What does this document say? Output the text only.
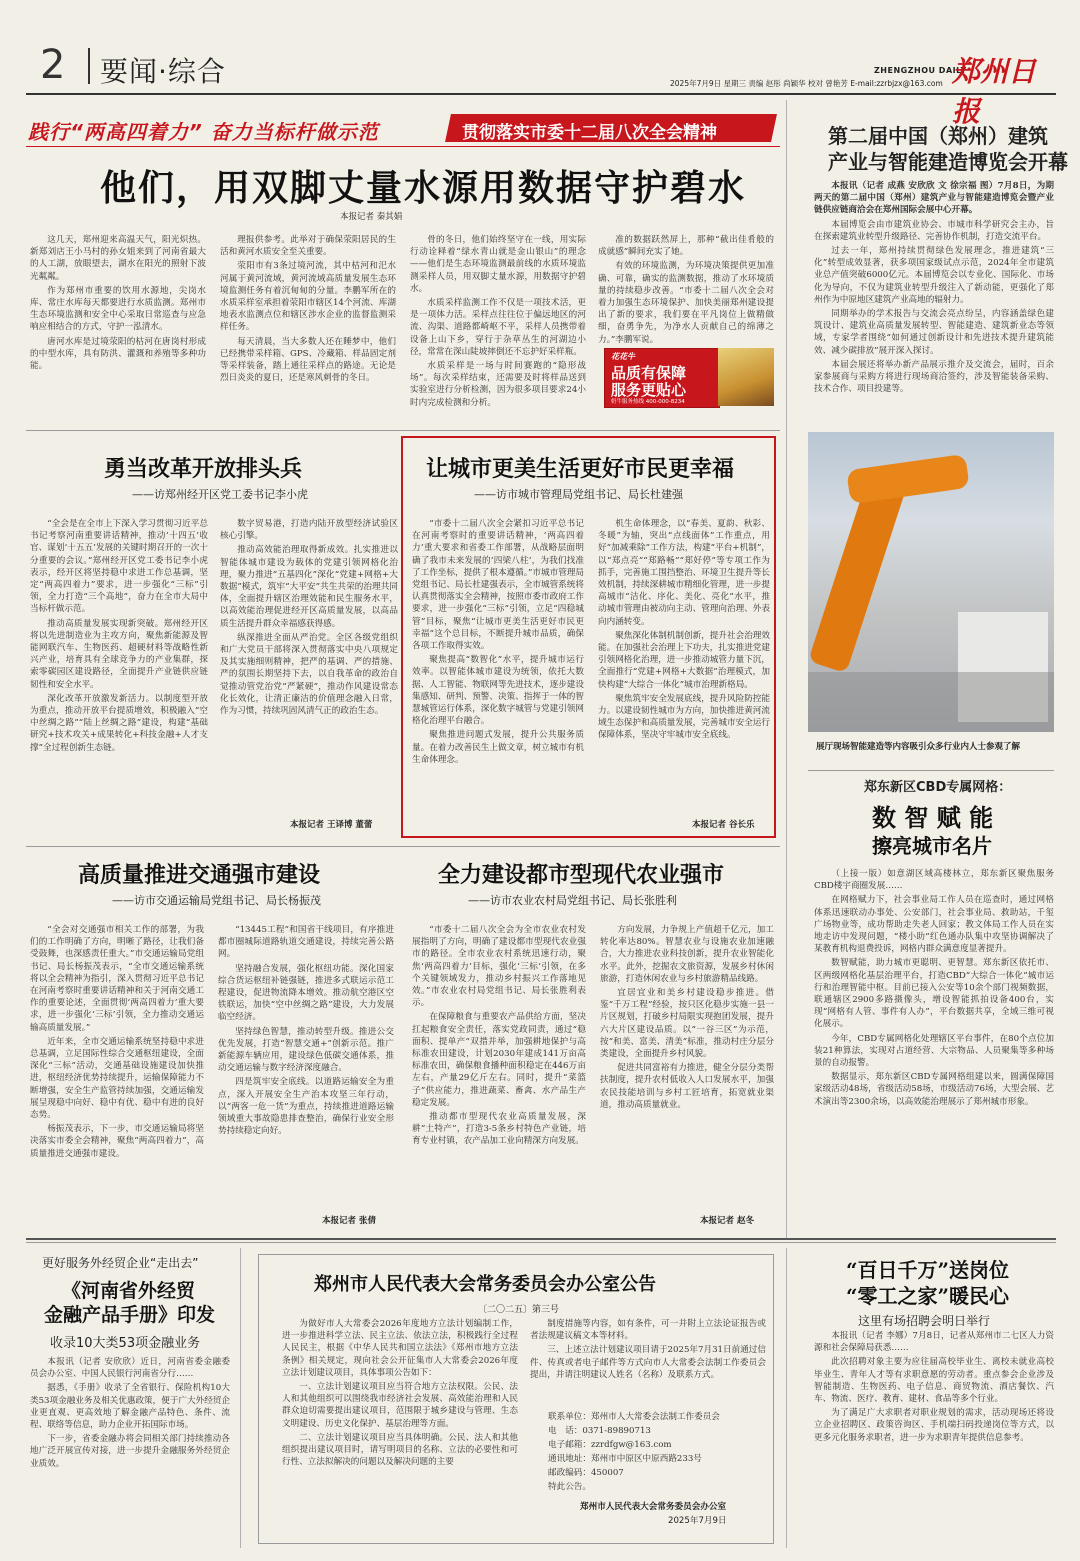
2 要闻·综合	ZHENGZHOU DAILY
郑州日报
2025年7月9日 星期三 责编 赵彤 尚颖华 校对 曾艳芳 E-mail:zzrbjzx@163.com
践行“两高四着力” 奋力当标杆做示范	贯彻落实市委十二届八次全会精神
他们，用双脚丈量水源用数据守护碧水
本报记者 秦其娟

这几天，郑州迎来高温天气，阳光炽热。新郑刘店王小马村的孙女姐来到了河南省最大的人工湖，放眼望去，湖水在阳光的照射下波光粼粼。

作为郑州市重要的饮用水源地，尖岗水库、常庄水库每天都要进行水质监测。郑州市生态环境监测和安全中心采取日常巡查与应急响应相结合的方式，守护一泓清水。

唐河水库是过境荥阳的枯河在唐岗村形成的中型水库，具有防洪、灌溉和养殖等多种功能。

理报供参考。此举对于确保荥阳居民的生活和黄河水质安全至关重要。

荥阳市有3条过境河流，其中枯河和汜水河属于黄河流域，黄河流域高质量发展生态环境监测任务有着沉甸甸的分量。李鹏军所在的水质采样室承担着荥阳市辖区14个河流、库湖地表水监测点位和辖区涉水企业的监督监测采样任务。

每天清晨，当大多数人还在睡梦中，他们已经携带采样箱、GPS、冷藏箱、样品固定剂等采样装备，踏上通往采样点的路途。无论是烈日炎炎的夏日，还是寒风刺骨的冬日。

骨的冬日，他们始终坚守在一线，用实际行动诠释着“绿水青山就是金山银山”的理念——他们是生态环境监测最前线的水质环境监测采样人员，用双脚丈量水源，用数据守护碧水。

水质采样监测工作不仅是一项技术活，更是一项体力活。采样点往往位于偏远地区的河流、沟渠、道路都崎岖不平，采样人员携带着设备上山下乡，穿行于杂草丛生的河湖边小径，常常在深山陡坡摔倒还不忘护好采样瓶。

水质采样是一场与时间赛跑的“隐形战场”。每次采样结束，还需要及时将样品送到实验室进行分析检测，因为很多项目要求24小时内完成检测和分析。

准的数据跃然屏上，那种“截出佳肴般的成就感”瞬间充实了她。

有效的环境监测，为环境决策提供更加准确、可靠，确实的监测数据，推动了水环境质量的持续稳步改善。“市委十二届八次全会对着力加强生态环境保护、加快美丽郑州建设提出了新的要求，我们要在平凡岗位上做精做细，奋勇争先，为净水人贡献自己的绵薄之力。”李鹏军说。

花花牛
品质有保障
服务更贴心
奶牛服务热线 400-000-8234
第二届中国（郑州）建筑
产业与智能建造博览会开幕

本报讯（记者 成燕 安欣欣 文 徐宗福 图）7月8日，为期两天的第二届中国（郑州）建筑产业与智能建造博览会暨产业链供应链商洽会在郑州国际会展中心开幕。

本届博览会由市建筑业协会、市城市科学研究会主办，旨在探索建筑业转型升级路径、完善协作机制，打造交流平台。

过去一年，郑州持续贯彻绿色发展理念，推进建筑“三化”转型成效显著，获多项国家级试点示范，2024年全市建筑业总产值突破6000亿元。本届博览会以专业化、国际化、市场化为导向，不仅为建筑业转型升级注入了新动能，更强化了郑州作为中原地区建筑产业高地的辐射力。

同期举办的学术报告与交流会亮点纷呈，内容涵盖绿色建筑设计、建筑业高质量发展转型、智能建造、建筑新业态等领域，专家学者围绕“如何通过创新设计和先进技术提升建筑能效、减少碳排放”展开深入探讨。

本届会展还将举办新产品展示推介及交流会，届时，百余家参展商与采购方将进行现场商洽签约，涉及智能装备采购、技术合作、项目投建等。

展厅现场智能建造等内容吸引众多行业内人士参观了解
郑东新区CBD专属网格：
数 智 赋 能
擦亮城市名片

（上接一版）如意湖区域高楼林立，郑东新区聚焦服务CBD楼宇商圈发展……

在网格赋力下，社会事业局工作人员在巡查时，通过网格体系迅速联动办事处、公安部门，社会事业局、救助站，千玺广场物业等，成功帮助走失老人回家；教文体局工作人员在实地走访中发现问题，“楼小助”红色通办队集中攻坚协调解决了某教育机构退费投诉，网格内群众满意度显著提升。

数智赋能，助力城市更聪明、更智慧。郑东新区依托市、区两级网格化基层治理平台，打造CBD“大综合一体化”城市运行和治理智能中枢。目前已接入公安等10余个部门视频数据，联通辖区2900多路摄像头，增设智能抓拍设备400台，实现“网格有人管、事件有人办”，平台数据共享，全域三维可视化展示。

今年，CBD专属网格化处理辖区平台事件，在80个点位加装21种算法，实现对占道经营、大宗物品、人员聚集等多种场景的自动报警。

数据显示，郑东新区CBD专属网格组建以来，圆满保障国家级活动48场，省级活动58场，市级活动76场，大型会展、艺术演出等2300余场，以高效能治理展示了郑州城市形象。

勇当改革开放排头兵
——访郑州经开区党工委书记李小虎

“全会是在全市上下深入学习贯彻习近平总书记考察河南重要讲话精神，推动‘十四五’收官、谋划‘十五五’发展的关键时期召开的一次十分重要的会议。”郑州经开区党工委书记李小虎表示，经开区将坚持稳中求进工作总基调，坚定“两高四着力”要求，进一步强化“三标”引领，全力打造“三个高地”，奋力在全市大局中当标杆做示范。

推动高质量发展实现新突破。郑州经开区将以先进制造业为主攻方向，聚焦新能源及智能网联汽车、生物医药、超硬材料等战略性新兴产业，培育具有全球竞争力的产业集群，探索零碳园区建设路径，全面提升产业链供应链韧性和安全水平。

深化改革开放激发新活力。以制度型开放为重点，推动开放平台提质增效，积极融入“空中丝绸之路”“陆上丝绸之路”建设，构建“基础研究+技术攻关+成果转化+科技金融+人才支撑”全过程创新生态链。

数字贸易港，打造内陆开放型经济试验区核心引擎。

推动高效能治理取得新成效。扎实推进以智能体城市建设为载体的党建引领网格化治理，聚力推进“五基四化”深化“党建+网格+大数据”模式，筑牢“大平安”共生共荣的治理共同体，全面提升辖区治理效能和民生服务水平，以高效能治理促进经开区高质量发展，以高品质生活提升群众幸福感获得感。

纵深推进全面从严治党。全区各级党组织和广大党员干部将深入贯彻落实中央八项规定及其实施细则精神，把严的基调、严的措施、严的氛围长期坚持下去，以自我革命的政治自觉推动管党治党“严紧硬”，推动作风建设常态化长效化，让清正廉洁的价值理念融入日常，作为习惯，持续巩固风清气正的政治生态。

本报记者 王译博 董蕾
让城市更美生活更好市民更幸福
——访市城市管理局党组书记、局长杜建强

“市委十二届八次全会紧扣习近平总书记在河南考察时的重要讲话精神，‘两高四着力’重大要求和省委工作部署，从战略层面明确了我市未来发展的‘四梁八柱’，为我们找准了工作坐标，提供了根本遵循。”市城市管理局党组书记、局长杜建强表示，全市城管系统将认真贯彻落实全会精神，按照市委市政府工作要求，进一步强化“三标”引领，立足“四稳城管”目标，聚焦“让城市更美生活更好市民更幸福”这个总目标，不断提升城市品质，确保各项工作取得实效。

聚焦提高“数智化”水平，提升城市运行效率。以智能体城市建设为统领，依托大数据、人工智能、物联网等先进技术，逐步建设集感知、研判、预警、决策、指挥于一体的智慧城管运行体系，深化数字城管与党建引领网格化治理平台融合。

聚焦推进问题式发展，提升公共服务质量。在着力改善民生上做文章，树立城市有机生命体理念。

机生命体理念，以“春美、夏韵、秋彩、冬暖”为轴，突出“点线面体”工作重点，用好“加减乘除”工作方法，构建“平台+机制”，以“郑点亮”“郑路畅”“郑好停”等专项工作为抓手，完善施工围挡整治、环境卫生提升等长效机制，持续深耕城市精细化管理，进一步提高城市“洁化、序化、美化、亮化”水平，推动城市管理由被动向主动、管理向治理、外表向内涵转变。

聚焦深化体制机制创新，提升社会治理效能。在加强社会治理上下功夫，扎实推进党建引领网格化治理，进一步推动城管力量下沉，全面推行“党建+网格+大数据”治理模式，加快构建“大综合一体化”城市治理新格局。

聚焦筑牢安全发展底线，提升风险防控能力。以建设韧性城市为方向，加快推进黄河流域生态保护和高质量发展，完善城市安全运行保障体系，坚决守牢城市安全底线。

本报记者 谷长乐
高质量推进交通强市建设
——访市交通运输局党组书记、局长杨振茂

“全会对交通强市相关工作的部署，为我们的工作明确了方向，明晰了路径，让我们备受鼓舞，也深感责任重大。”市交通运输局党组书记、局长杨振茂表示，“全市交通运输系统将以全会精神为指引，深入贯彻习近平总书记在河南考察时重要讲话精神和关于河南交通工作的重要论述，全面贯彻‘两高四着力’重大要求，进一步强化‘三标’引领，全力推动交通运输高质量发展。”

近年来，全市交通运输系统坚持稳中求进总基调，立足国际性综合交通枢纽建设，全面深化“三标”活动，交通基础设施建设加快推进，枢纽经济优势持续提升，运输保障能力不断增强，安全生产监管持续加强，交通运输发展呈现稳中向好、稳中有优、稳中有进的良好态势。

杨振茂表示，下一步，市交通运输局将坚决落实市委全会精神，聚焦“两高四着力”，高质量推进交通强市建设。

“13445工程”和国省干线项目，有序推进都市圈城际道路轨道交通建设，持续完善公路网。

坚持融合发展，强化枢纽功能。深化国家综合货运枢纽补链强链，推进多式联运示范工程建设，促进物流降本增效。推动航空港区空铁联运，加快“空中丝绸之路”建设，大力发展临空经济。

坚持绿色智慧，推动转型升级。推进公交优先发展，打造“智慧交通+”创新示范。推广新能源车辆应用，建设绿色低碳交通体系，推动交通运输与数字经济深度融合。

四是筑牢安全底线。以道路运输安全为重点，深入开展安全生产治本攻坚三年行动，以“两客一危一货”为重点，持续推进道路运输领域重大事故隐患排查整治，确保行业安全形势持续稳定向好。

本报记者 张倩
全力建设都市型现代农业强市
——访市农业农村局党组书记、局长张胜利

“市委十二届八次全会为全市农业农村发展指明了方向，明确了建设都市型现代农业强市的路径。全市农业农村系统迅速行动，聚焦‘两高四着力’目标，强化‘三标’引领，在多个关键领域发力，推动乡村振兴工作落地见效。”市农业农村局党组书记、局长张胜利表示。

在保障粮食与重要农产品供给方面，坚决扛起粮食安全责任，落实党政同责，通过“稳面积、提单产”双措并举，加强耕地保护与高标准农田建设，计划2030年建成141万亩高标准农田，确保粮食播种面积稳定在446万亩左右，产量29亿斤左右。同时，提升“菜篮子”供应能力，推进蔬菜、畜禽、水产品生产稳定发展。

推动都市型现代农业高质量发展，深耕“土特产”，打造3-5条乡村特色产业链，培育专业村镇，农产品加工业向精深方向发展。

方向发展，力争规上产值超千亿元，加工转化率达80%。智慧农业与设施农业加速融合，大力推进农业科技创新，提升农业智能化水平。此外，挖掘农文旅资源，发展乡村休闲旅游，打造休闲农业与乡村旅游精品线路。

宜居宜业和美乡村建设稳步推进。借鉴“千万工程”经验，按只区化稳步实施一县一片区规划，打破乡村局限实现抱团发展，提升六大片区建设品质。以“一谷三区”为示范，按“和美、富美、清美”标准，推动村庄分层分类建设，全面提升乡村风貌。

促进共同富裕有力推进，健全分层分类帮扶制度，提升农村低收入人口发展水平，加强农民技能培训与乡村工匠培育，拓宽就业渠道，推动高质量就业。

本报记者 赵冬
更好服务外经贸企业“走出去”
《河南省外经贸
金融产品手册》印发
收录10大类53项金融业务

本报讯（记者 安欣欣）近日，河南省委金融委员会办公室、中国人民银行河南省分行……

据悉，《手册》收录了全省银行、保险机构10大类53项金融业务及相关优惠政策，便于广大外经贸企业更直观、更高效地了解金融产品特色、条件、流程、联络等信息，助力企业开拓国际市场。

下一步，省委金融办将会同相关部门持续推动各地广泛开展宣传对接，进一步提升金融服务外经贸企业质效。

郑州市人民代表大会常务委员会办公室公告
〔二〇二五〕第三号

为做好市人大常委会2026年度地方立法计划编制工作，进一步推进科学立法、民主立法、依法立法，积极践行全过程人民民主，根据《中华人民共和国立法法》《郑州市地方立法条例》相关规定，现向社会公开征集市人大常委会2026年度立法计划建议项目，具体事项公告如下：

一、立法计划建议项目应当符合地方立法权限。公民、法人和其他组织可以围绕我市经济社会发展、高效能治理和人民群众迫切需要提出建议项目，范围限于城乡建设与管理、生态文明建设、历史文化保护、基层治理等方面。

二、立法计划建议项目应当具体明确。公民、法人和其他组织提出建议项目时，请写明项目的名称、立法的必要性和可行性、立法拟解决的问题以及解决问题的主要

制度措施等内容，如有条件，可一并附上立法论证报告或者法规建议稿文本等材料。

三、上述立法计划建议项目请于2025年7月31日前通过信件、传真或者电子邮件等方式向市人大常委会法制工作委员会提出，并请注明建议人姓名（名称）及联系方式。

联系单位：郑州市人大常委会法制工作委员会
电　话：0371-89890713
电子邮箱：zzrdfgw@163.com
通讯地址：郑州市中原区中原西路233号
邮政编码：450007
特此公告。
郑州市人民代表大会常务委员会办公室
2025年7月9日
“百日千万”送岗位
“零工之家”暖民心
这里有场招聘会明日举行

本报讯（记者 李娜）7月8日，记者从郑州市二七区人力资源和社会保障局获悉……

此次招聘对象主要为应往届高校毕业生、离校未就业高校毕业生、青年人才等有求职意愿的劳动者。重点参会企业涉及智能制造、生物医药、电子信息、商贸物流、酒店餐饮、汽车、物流、医疗、教育、建材、食品等多个行业。

为了满足广大求职者对职业规划的需求，活动现场还将设立企业招聘区、政策咨询区、手机端扫码投递岗位等方式，以更多元化服务求职者，进一步为求职青年提供信息参考。
